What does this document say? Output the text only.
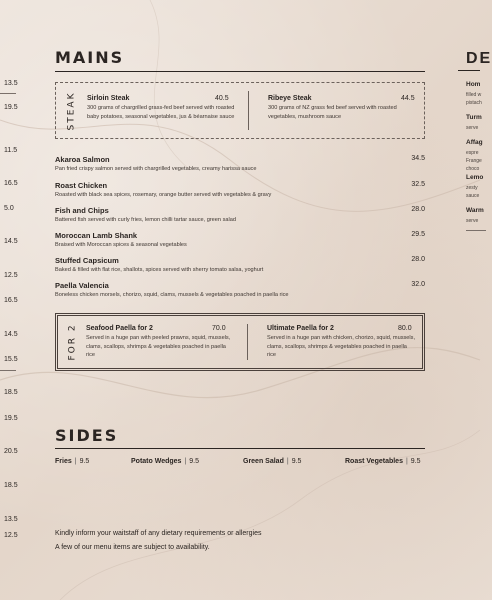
13.5
19.5
11.5
16.5
5.0
14.5
12.5
16.5
14.5
15.5
18.5
19.5
20.5
18.5
13.5
12.5
DE
Hom
filled w
pistach
Turm
serve
Affag
espre
Frange
choco
Lemo
zesty
sauce
Warm
serve
MAINS
STEAK Sirloin Steak
300 grams of chargrilled grass-fed beef served with roasted baby potatoes, seasonal vegetables, jus & béarnaise sauce
40.5	Ribeye Steak
300 grams of NZ grass fed beef served with roasted vegetables, mushroom sauce
44.5
Akaroa Salmon
Pan fried crispy salmon served with chargrilled vegetables, creamy harissa sauce
34.5
Roast Chicken
Roasted with black sea spices, rosemary, orange butter served with vegetables & gravy
32.5
Fish and Chips
Battered fish served with curly fries, lemon chilli tartar sauce, green salad
28.0
Moroccan Lamb Shank
Braised with Moroccan spices & seasonal vegetables
29.5
Stuffed Capsicum
Baked & filled with flat rice, shallots, spices served with sherry tomato salsa, yoghurt
28.0
Paella Valencia
Boneless chicken morsels, chorizo, squid, clams, mussels & vegetables poached in paella rice
32.0
FOR 2 Seafood Paella for 2
Served in a huge pan with peeled prawns, squid, mussels, clams, scallops, shrimps & vegetables poached in paella rice
70.0	Ultimate Paella for 2
Served in a huge pan with chicken, chorizo, squid, mussels, clams, scallops, shrimps & vegetables poached in paella rice
80.0
SIDES
Fries | 9.5	Potato Wedges | 9.5	Green Salad | 9.5	Roast Vegetables | 9.5
Kindly inform your waitstaff of any dietary requirements or allergies
A few of our menu items are subject to availability.
